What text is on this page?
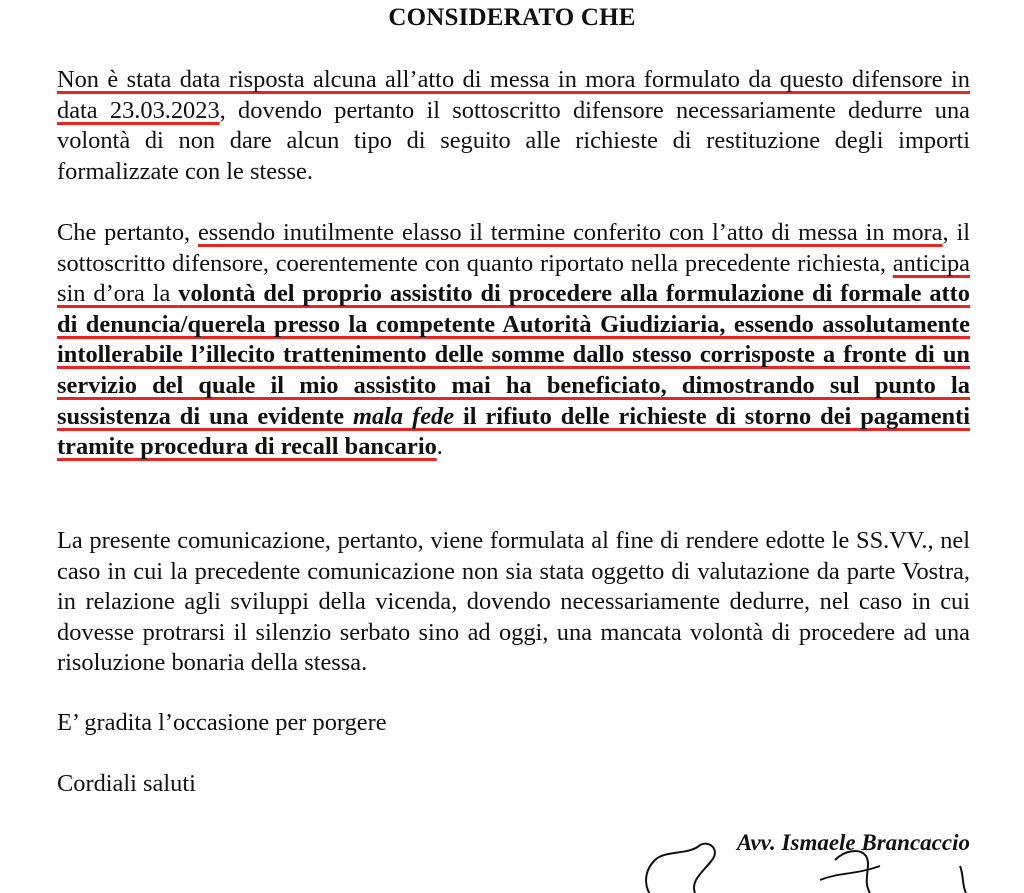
CONSIDERATO CHE

Non è stata data risposta alcuna all’atto di messa in mora formulato da questo difensore in data 23.03.2023, dovendo pertanto il sottoscritto difensore necessariamente dedurre una volontà di non dare alcun tipo di seguito alle richieste di restituzione degli importi formalizzate con le stesse.

Che pertanto, essendo inutilmente elasso il termine conferito con l’atto di messa in mora, il sottoscritto difensore, coerentemente con quanto riportato nella precedente richiesta, anticipa sin d’ora la volontà del proprio assistito di procedere alla formulazione di formale atto di denuncia/querela presso la competente Autorità Giudiziaria, essendo assolutamente intollerabile l’illecito trattenimento delle somme dallo stesso corrisposte a fronte di un servizio del quale il mio assistito mai ha beneficiato, dimostrando sul punto la sussistenza di una evidente mala fede il rifiuto delle richieste di storno dei pagamenti tramite procedura di recall bancario.

La presente comunicazione, pertanto, viene formulata al fine di rendere edotte le SS.VV., nel caso in cui la precedente comunicazione non sia stata oggetto di valutazione da parte Vostra, in relazione agli sviluppi della vicenda, dovendo necessariamente dedurre, nel caso in cui dovesse protrarsi il silenzio serbato sino ad oggi, una mancata volontà di procedere ad una risoluzione bonaria della stessa.

E’ gradita l’occasione per porgere

Cordiali saluti

Avv. Ismaele Brancaccio
